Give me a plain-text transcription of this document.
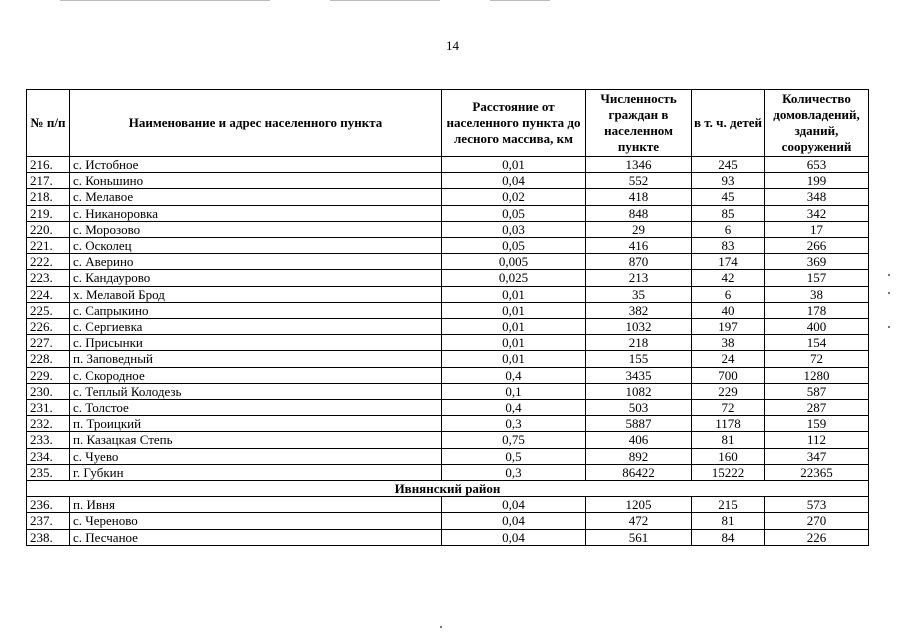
14
№ п/п	Наименование и адрес населенного пункта	Расстояние от населенного пункта до лесного массива, км	Численность граждан в населенном пункте	в т. ч. детей	Количество домовладений, зданий, сооружений
216.	с. Истобное	0,01	1346	245	653
217.	с. Коньшино	0,04	552	93	199
218.	с. Мелавое	0,02	418	45	348
219.	с. Никаноровка	0,05	848	85	342
220.	с. Морозово	0,03	29	6	17
221.	с. Осколец	0,05	416	83	266
222.	с. Аверино	0,005	870	174	369
223.	с. Кандаурово	0,025	213	42	157
224.	х. Мелавой Брод	0,01	35	6	38
225.	с. Сапрыкино	0,01	382	40	178
226.	с. Сергиевка	0,01	1032	197	400
227.	с. Присынки	0,01	218	38	154
228.	п. Заповедный	0,01	155	24	72
229.	с. Скородное	0,4	3435	700	1280
230.	с. Теплый Колодезь	0,1	1082	229	587
231.	с. Толстое	0,4	503	72	287
232.	п. Троицкий	0,3	5887	1178	159
233.	п. Казацкая Степь	0,75	406	81	112
234.	с. Чуево	0,5	892	160	347
235.	г. Губкин	0,3	86422	15222	22365
Ивнянский район					
236.	п. Ивня	0,04	1205	215	573
237.	с. Череново	0,04	472	81	270
238.	с. Песчаное	0,04	561	84	226
